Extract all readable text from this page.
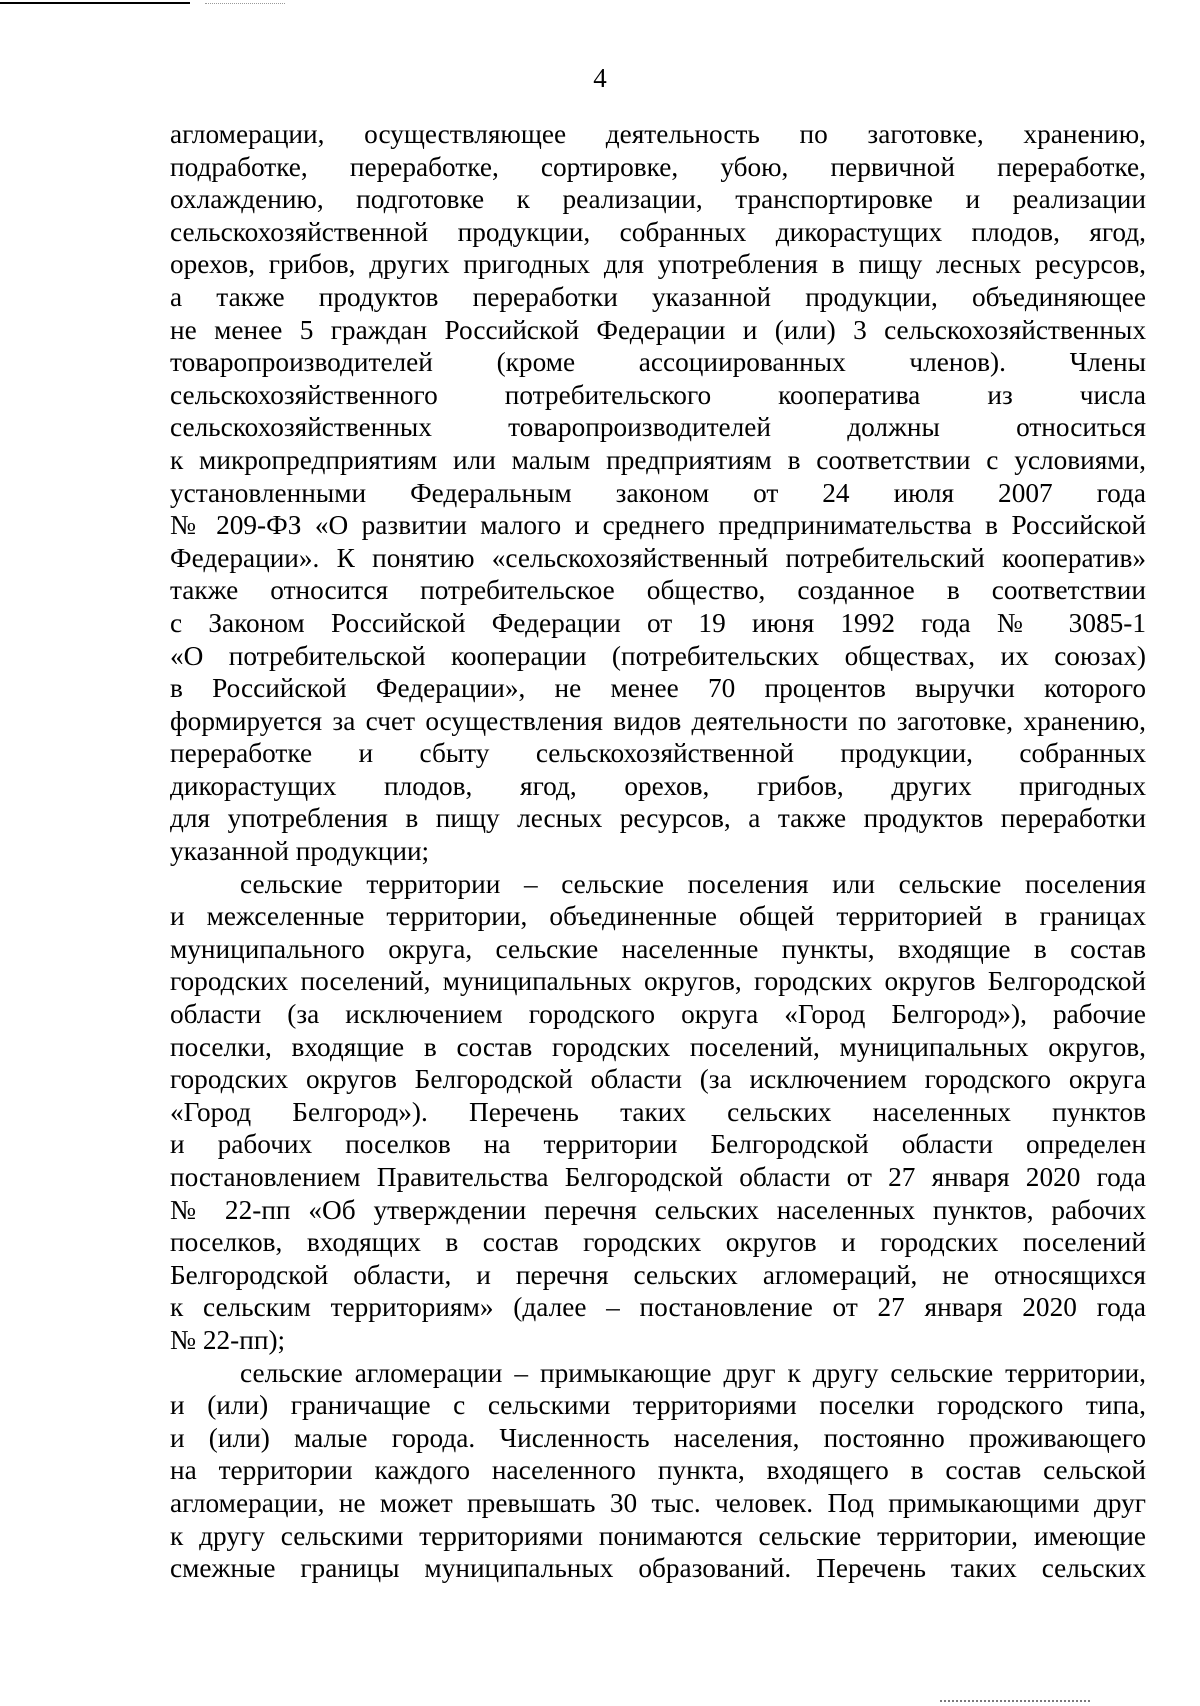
4
агломерации, осуществляющее деятельность по заготовке, хранению,
подработке, переработке, сортировке, убою, первичной переработке,
охлаждению, подготовке к реализации, транспортировке и реализации
сельскохозяйственной продукции, собранных дикорастущих плодов, ягод,
орехов, грибов, других пригодных для употребления в пищу лесных ресурсов,
а также продуктов переработки указанной продукции, объединяющее
не менее 5 граждан Российской Федерации и (или) 3 сельскохозяйственных
товаропроизводителей (кроме ассоциированных членов). Члены
сельскохозяйственного потребительского кооператива из числа
сельскохозяйственных товаропроизводителей должны относиться
к микропредприятиям или малым предприятиям в соответствии с условиями,
установленными Федеральным законом от 24 июля 2007 года
№ 209-ФЗ «О развитии малого и среднего предпринимательства в Российской
Федерации». К понятию «сельскохозяйственный потребительский кооператив»
также относится потребительское общество, созданное в соответствии
с Законом Российской Федерации от 19 июня 1992 года № 3085-1
«О потребительской кооперации (потребительских обществах, их союзах)
в Российской Федерации», не менее 70 процентов выручки которого
формируется за счет осуществления видов деятельности по заготовке, хранению,
переработке и сбыту сельскохозяйственной продукции, собранных
дикорастущих плодов, ягод, орехов, грибов, других пригодных
для употребления в пищу лесных ресурсов, а также продуктов переработки
указанной продукции;
сельские территории – сельские поселения или сельские поселения
и межселенные территории, объединенные общей территорией в границах
муниципального округа, сельские населенные пункты, входящие в состав
городских поселений, муниципальных округов, городских округов Белгородской
области (за исключением городского округа «Город Белгород»), рабочие
поселки, входящие в состав городских поселений, муниципальных округов,
городских округов Белгородской области (за исключением городского округа
«Город Белгород»). Перечень таких сельских населенных пунктов
и рабочих поселков на территории Белгородской области определен
постановлением Правительства Белгородской области от 27 января 2020 года
№ 22-пп «Об утверждении перечня сельских населенных пунктов, рабочих
поселков, входящих в состав городских округов и городских поселений
Белгородской области, и перечня сельских агломераций, не относящихся
к сельским территориям» (далее – постановление от 27 января 2020 года
№ 22-пп);
сельские агломерации – примыкающие друг к другу сельские территории,
и (или) граничащие с сельскими территориями поселки городского типа,
и (или) малые города. Численность населения, постоянно проживающего
на территории каждого населенного пункта, входящего в состав сельской
агломерации, не может превышать 30 тыс. человек. Под примыкающими друг
к другу сельскими территориями понимаются сельские территории, имеющие
смежные границы муниципальных образований. Перечень таких сельских
